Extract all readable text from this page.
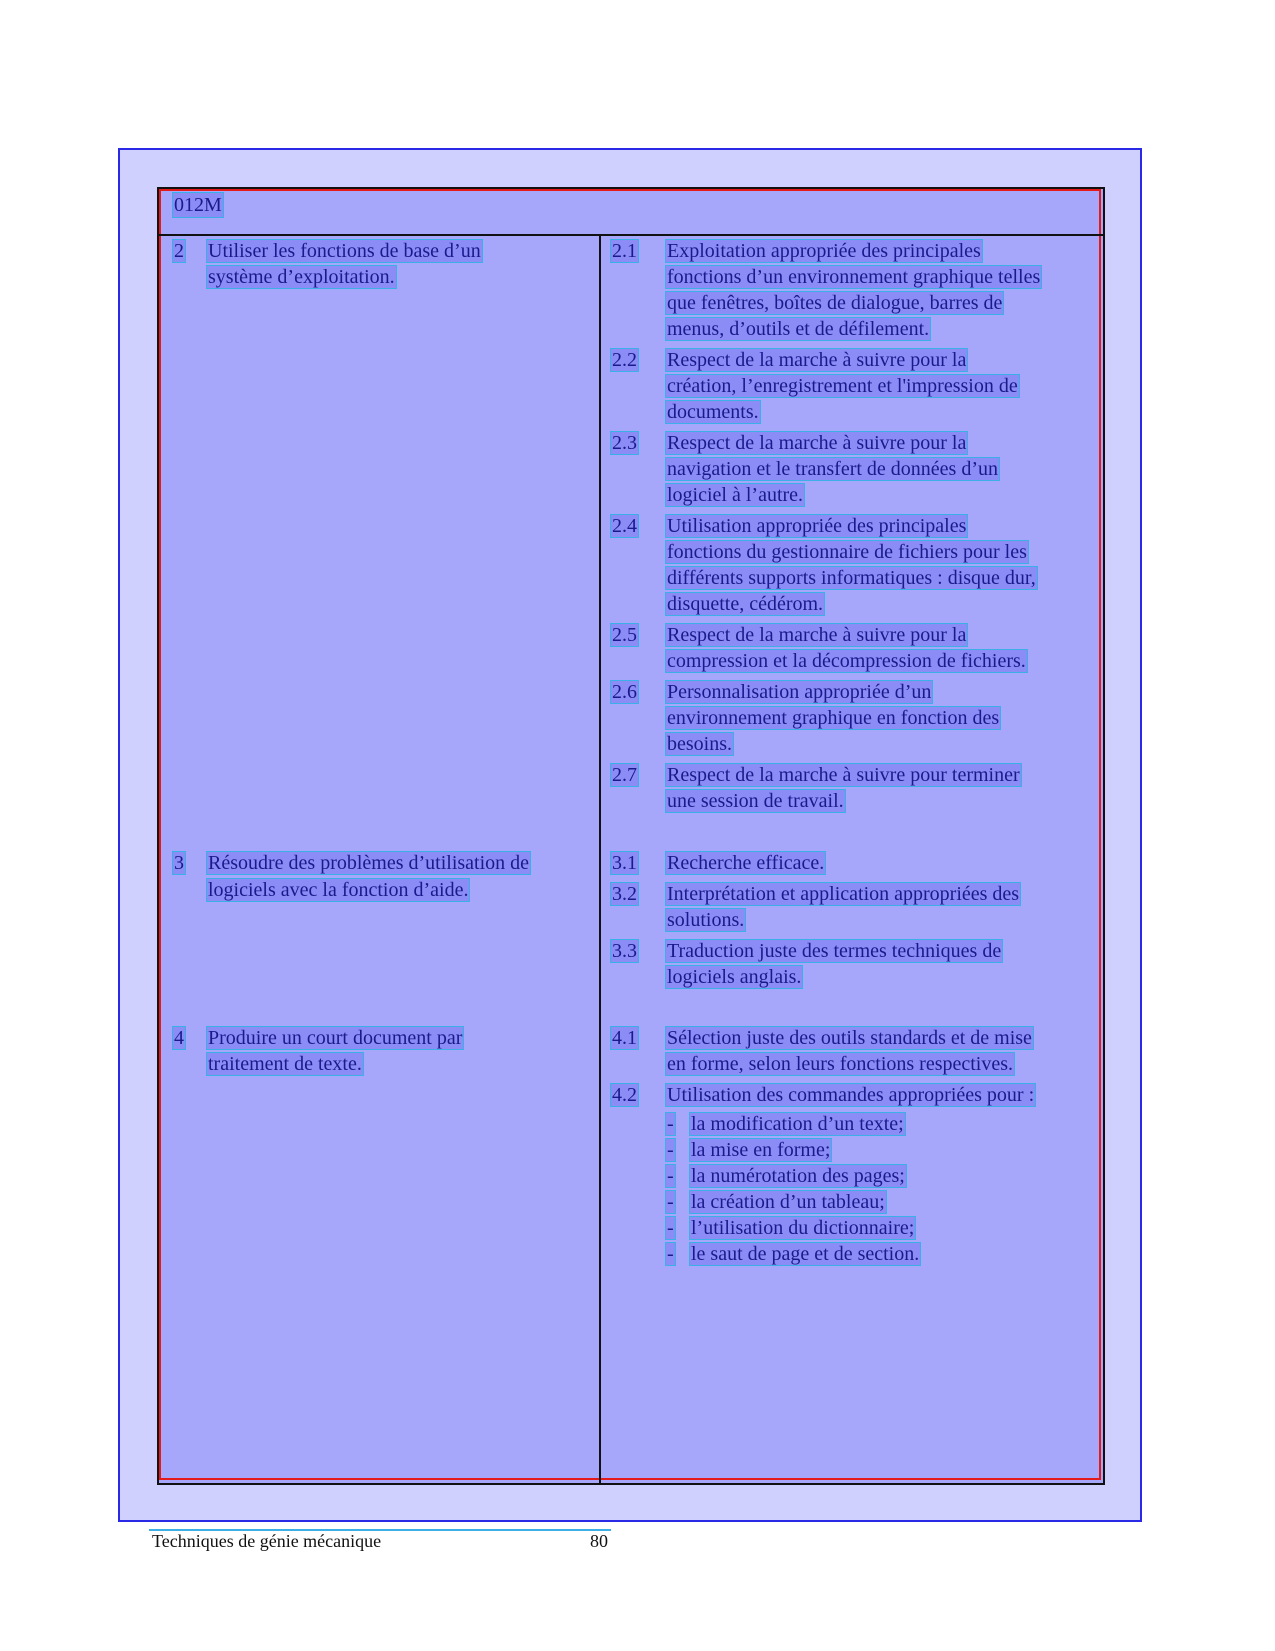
012M
2 Utiliser les fonctions de base d’un
système d’exploitation.
2.1 Exploitation appropriée des principales
fonctions d’un environnement graphique telles
que fenêtres, boîtes de dialogue, barres de
menus, d’outils et de défilement.
2.2 Respect de la marche à suivre pour la
création, l’enregistrement et l'impression de
documents.
2.3 Respect de la marche à suivre pour la
navigation et le transfert de données d’un
logiciel à l’autre.
2.4 Utilisation appropriée des principales
fonctions du gestionnaire de fichiers pour les
différents supports informatiques : disque dur,
disquette, cédérom.
2.5 Respect de la marche à suivre pour la
compression et la décompression de fichiers.
2.6 Personnalisation appropriée d’un
environnement graphique en fonction des
besoins.
2.7 Respect de la marche à suivre pour terminer
une session de travail.
3 Résoudre des problèmes d’utilisation de
logiciels avec la fonction d’aide.
3.1 Recherche efficace.
3.2 Interprétation et application appropriées des
solutions.
3.3 Traduction juste des termes techniques de
logiciels anglais.
4 Produire un court document par
traitement de texte.
4.1 Sélection juste des outils standards et de mise
en forme, selon leurs fonctions respectives.
4.2 Utilisation des commandes appropriées pour :
- la modification d’un texte;
- la mise en forme;
- la numérotation des pages;
- la création d’un tableau;
- l’utilisation du dictionnaire;
- le saut de page et de section.
Techniques de génie mécanique	80
